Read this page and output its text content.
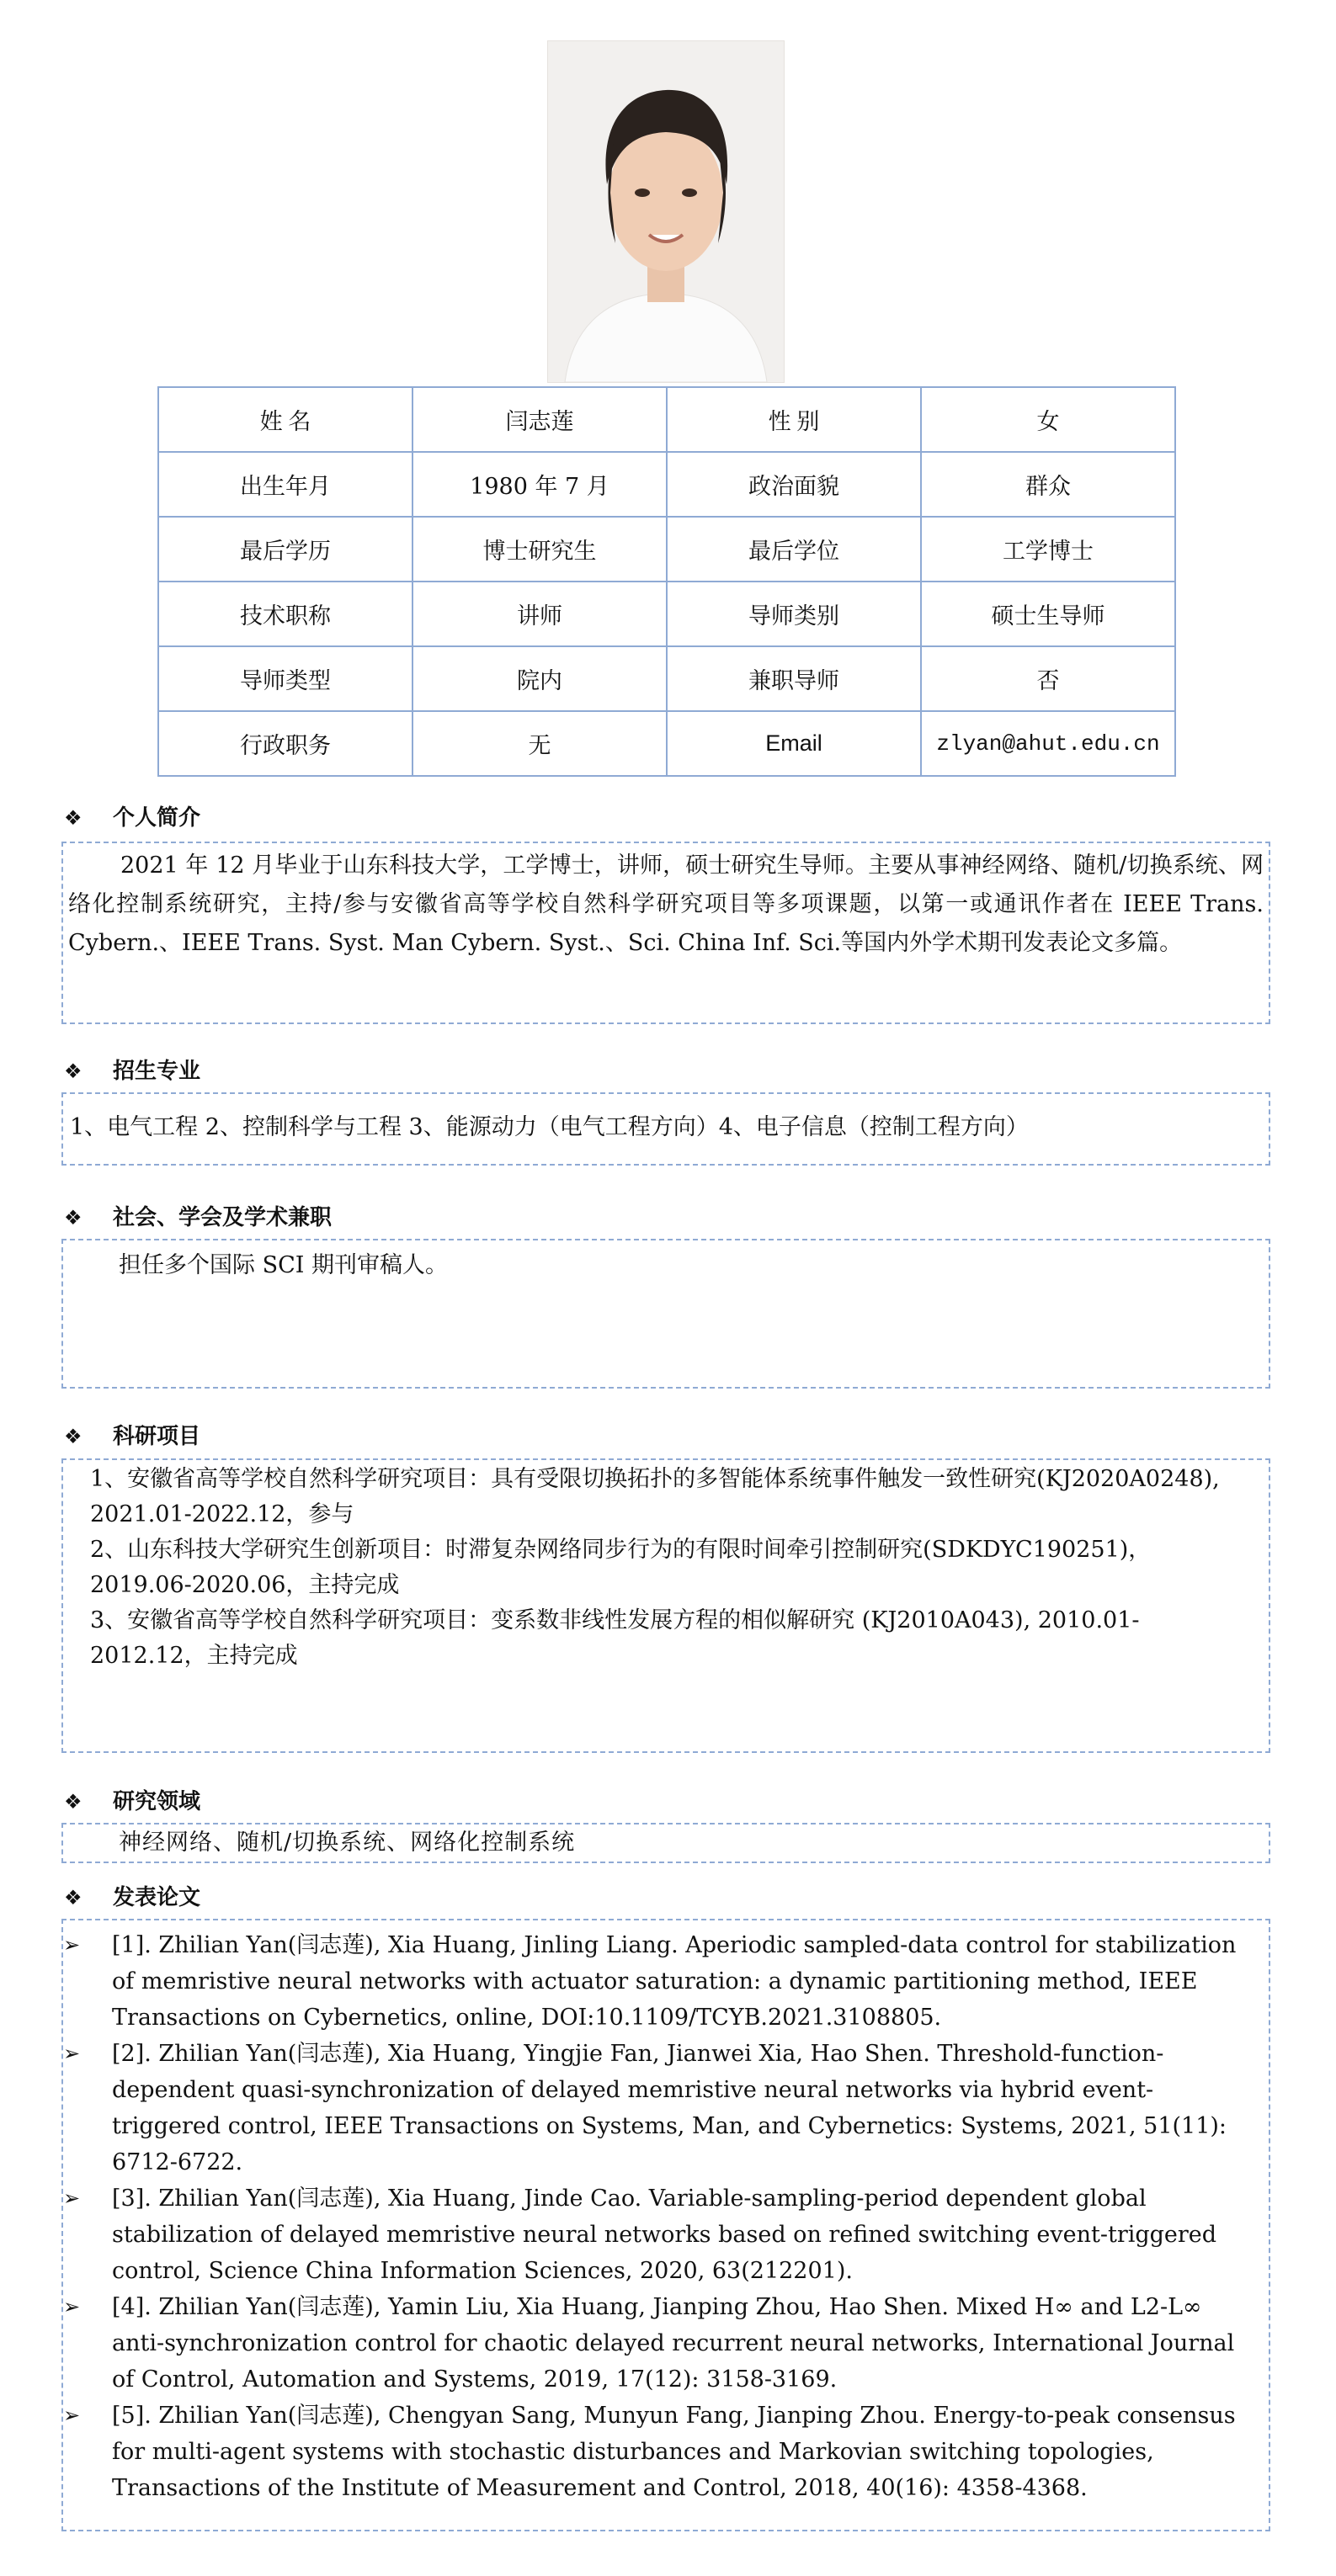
姓 名	闫志莲	性 别	女
出生年月	1980 年 7 月	政治面貌	群众
最后学历	博士研究生	最后学位	工学博士
技术职称	讲师	导师类别	硕士生导师
导师类型	院内	兼职导师	否
行政职务	无	Email	zlyan@ahut.edu.cn
❖ 个人简介

2021 年 12 月毕业于山东科技大学，工学博士，讲师，硕士研究生导师。主要从事神经网络、随机/切换系统、网络化控制系统研究，主持/参与安徽省高等学校自然科学研究项目等多项课题，以第一或通讯作者在 IEEE Trans. Cybern.、IEEE Trans. Syst. Man Cybern. Syst.、Sci. China Inf. Sci.等国内外学术期刊发表论文多篇。

❖ 招生专业
1、电气工程 2、控制科学与工程 3、能源动力（电气工程方向）4、电子信息（控制工程方向）
❖ 社会、学会及学术兼职
担任多个国际 SCI 期刊审稿人。
❖ 科研项目

1、安徽省高等学校自然科学研究项目：具有受限切换拓扑的多智能体系统事件触发一致性研究(KJ2020A0248), 2021.01-2022.12，参与

2、山东科技大学研究生创新项目：时滞复杂网络同步行为的有限时间牵引控制研究(SDKDYC190251)，2019.06-2020.06，主持完成

3、安徽省高等学校自然科学研究项目：变系数非线性发展方程的相似解研究 (KJ2010A043), 2010.01-2012.12，主持完成

❖ 研究领域
神经网络、随机/切换系统、网络化控制系统
❖ 发表论文
➢	[1]. Zhilian Yan(闫志莲), Xia Huang, Jinling Liang. Aperiodic sampled-data control for stabilization of memristive neural networks with actuator saturation: a dynamic partitioning method, IEEE Transactions on Cybernetics, online, DOI:10.1109/TCYB.2021.3108805.
➢	[2]. Zhilian Yan(闫志莲), Xia Huang, Yingjie Fan, Jianwei Xia, Hao Shen. Threshold-function-dependent quasi-synchronization of delayed memristive neural networks via hybrid event-triggered control, IEEE Transactions on Systems, Man, and Cybernetics: Systems, 2021, 51(11): 6712-6722.
➢	[3]. Zhilian Yan(闫志莲), Xia Huang, Jinde Cao. Variable-sampling-period dependent global stabilization of delayed memristive neural networks based on refined switching event-triggered control, Science China Information Sciences, 2020, 63(212201).
➢	[4]. Zhilian Yan(闫志莲), Yamin Liu, Xia Huang, Jianping Zhou, Hao Shen. Mixed H∞ and L2-L∞ anti-synchronization control for chaotic delayed recurrent neural networks, International Journal of Control, Automation and Systems, 2019, 17(12): 3158-3169.
➢	[5]. Zhilian Yan(闫志莲), Chengyan Sang, Munyun Fang, Jianping Zhou. Energy-to-peak consensus for multi-agent systems with stochastic disturbances and Markovian switching topologies, Transactions of the Institute of Measurement and Control, 2018, 40(16): 4358-4368.
